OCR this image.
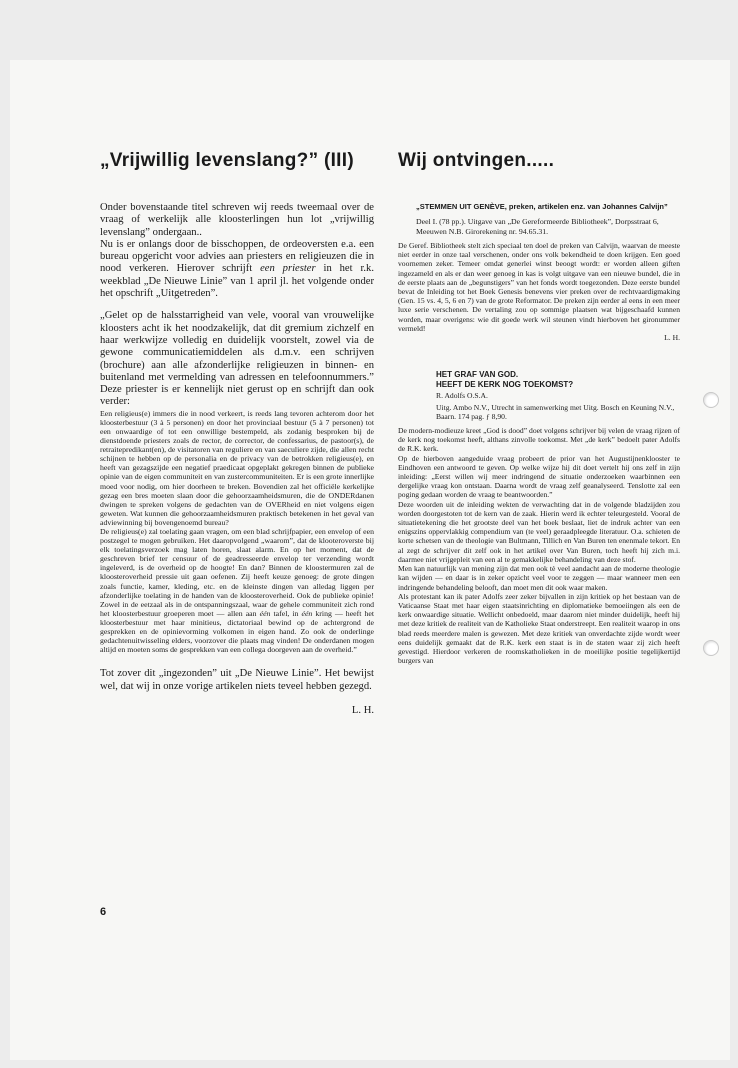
„Vrijwillig levenslang?” (III)

Onder bovenstaande titel schreven wij reeds tweemaal over de vraag of werkelijk alle kloosterlingen hun lot „vrijwillig levenslang” ondergaan..

Nu is er onlangs door de bisschoppen, de ordeoversten e.a. een bureau opgericht voor advies aan priesters en religieuzen die in nood verkeren. Hierover schrijft een priester in het r.k. weekblad „De Nieuwe Linie” van 1 april jl. het volgende onder het opschrift „Uitgetreden”.

„Gelet op de halsstarrigheid van vele, vooral van vrouwelijke kloosters acht ik het noodzakelijk, dat dit gremium zichzelf en haar werkwijze volledig en duidelijk voorstelt, zowel via de gewone communicatiemiddelen als d.m.v. een schrijven (brochure) aan alle afzonderlijke religieuzen in binnen- en buitenland met vermelding van adressen en telefoonnummers.” Deze priester is er kennelijk niet gerust op en schrijft dan ook verder:

Een religieus(e) immers die in nood verkeert, is reeds lang tevoren achterom door het kloosterbestuur (3 à 5 personen) en door het provinciaal bestuur (5 à 7 personen) tot een onwaardige of tot een onwillige bestempeld, als zodanig besproken bij de dienstdoende priesters zoals de rector, de corrector, de confessarius, de pastoor(s), de retraitepredikant(en), de visitatoren van reguliere en van saeculiere zijde, die allen recht schijnen te hebben op de personalia en de privacy van de betrokken religieus(e), en heeft van gezagszijde een negatief praedicaat opgeplakt gekregen binnen de publieke opinie van de eigen communiteit en van zustercommuniteiten. Er is een grote innerlijke moed voor nodig, om hier doorheen te breken. Bovendien zal het officiële kerkelijke gezag een bres moeten slaan door die gehoorzaamheidsmuren, die de ONDERdanen dwingen te spreken volgens de gedachten van de OVERheid en niet volgens eigen geweten. Wat kunnen die gehoorzaamheidsmuren praktisch betekenen in het geval van adviewinning bij bovengenoemd bureau?

De religieus(e) zal toelating gaan vragen, om een blad schrijfpapier, een envelop of een postzegel te mogen gebruiken. Het daaropvolgend „waarom”, dat de klooteroverste bij elk toelatingsverzoek mag laten horen, slaat alarm. En op het moment, dat de geschreven brief ter censuur of de geadresseerde envelop ter verzending wordt ingeleverd, is de overheid op de hoogte! En dan? Binnen de kloostermuren zal de kloosteroverheid pressie uit gaan oefenen. Zij heeft keuze genoeg: de grote dingen zoals functie, kamer, kleding, etc. en de kleinste dingen van alledag liggen per afzonderlijke toelating in de handen van de kloosteroverheid. Ook de publieke opinie! Zowel in de eetzaal als in de ontspanningszaal, waar de gehele communiteit zich rond het kloosterbestuur groeperen moet — allen aan één tafel, in één kring — heeft het kloosterbestuur met haar minitieus, dictatoriaal bewind op de achtergrond de gesprekken en de opinievorming volkomen in eigen hand. Zo ook de onderlinge gedachtenuitwisseling elders, voorzover die plaats mag vinden! De onderdanen mogen altijd en moeten soms de gesprekken van een collega doorgeven aan de overheid.”

Tot zover dit „ingezonden” uit „De Nieuwe Linie”. Het bewijst wel, dat wij in onze vorige artikelen niets teveel hebben gezegd.

L. H.
6
Wij ontvingen.....
„STEMMEN UIT GENÈVE, preken, artikelen enz. van Johannes Calvijn”
Deel I. (78 pp.). Uitgave van „De Gereformeerde Bibliotheek”, Dorpsstraat 6, Meeuwen N.B. Girorekening nr. 94.65.31.

De Geref. Bibliotheek stelt zich speciaal ten doel de preken van Calvijn, waarvan de meeste niet eerder in onze taal verschenen, onder ons volk bekendheid te doen krijgen. Een goed voornemen zeker. Temeer omdat generlei winst beoogt wordt: er worden alleen giften ingezameld en als er dan weer genoeg in kas is volgt uitgave van een nieuwe bundel, die in de eerste plaats aan de „begunstigers” van het fonds wordt toegezonden. Deze eerste bundel bevat de Inleiding tot het Boek Genesis benevens vier preken over de rechtvaardigmaking (Gen. 15 vs. 4, 5, 6 en 7) van de grote Reformator. De preken zijn eerder al eens in een meer luxe serie verschenen. De vertaling zou op sommige plaatsen wat bijgeschaafd kunnen worden, maar overigens: wie dit goede werk wil steunen vindt hierboven het gironummer vermeld!

L. H.
HET GRAF VAN GOD.
HEEFT DE KERK NOG TOEKOMST?
R. Adolfs O.S.A.
Uitg. Ambo N.V., Utrecht in samenwerking met Uitg. Bosch en Keuning N.V., Baarn. 174 pag. ƒ 8,90.

De modern-modieuze kreet „God is dood” doet volgens schrijver bij velen de vraag rijzen of de kerk nog toekomst heeft, althans zinvolle toekomst. Met „de kerk” bedoelt pater Adolfs de R.K. kerk.

Op de hierboven aangeduide vraag probeert de prior van het Augustijnenklooster te Eindhoven een antwoord te geven. Op welke wijze hij dit doet vertelt hij ons zelf in zijn inleiding: „Eerst willen wij meer indringend de situatie onderzoeken waarbinnen een dergelijke vraag kon ontstaan. Daarna wordt de vraag zelf geanalyseerd. Tenslotte zal een poging gedaan worden de vraag te beantwoorden.”

Deze woorden uit de inleiding wekten de verwachting dat in de volgende bladzijden zou worden doorgestoten tot de kern van de zaak. Hierin werd ik echter teleurgesteld. Vooral de situatietekening die het grootste deel van het boek beslaat, liet de indruk achter van een enigszins oppervlakkig compendium van (te veel) geraadpleegde literatuur. O.a. schieten de korte schetsen van de theologie van Bultmann, Tillich en Van Buren ten enenmale tekort. En al zegt de schrijver dit zelf ook in het artikel over Van Buren, toch heeft hij zich m.i. daarmee niet vrijgepleit van een al te gemakkelijke behandeling van deze stof.

Men kan natuurlijk van mening zijn dat men ook tè veel aandacht aan de moderne theologie kan wijden — en daar is in zeker opzicht veel voor te zeggen — maar wanneer men een indringende behandeling belooft, dan moet men dit ook waar maken.

Als protestant kan ik pater Adolfs zeer zeker bijvallen in zijn kritiek op het bestaan van de Vaticaanse Staat met haar eigen staatsinrichting en diplomatieke bemoeiingen als een de kerk onwaardige situatie. Wellicht onbedoeld, maar daarom niet minder duidelijk, heeft hij met deze kritiek de realiteit van de Katholieke Staat onderstreept. Een realiteit waarop in ons blad reeds meerdere malen is gewezen. Met deze kritiek van onverdachte zijde wordt weer eens duidelijk gemaakt dat de R.K. kerk een staat is in de staten waar zij zich heeft gevestigd. Hierdoor verkeren de roomskatholieken in de moeilijke positie tegelijkertijd burgers van
